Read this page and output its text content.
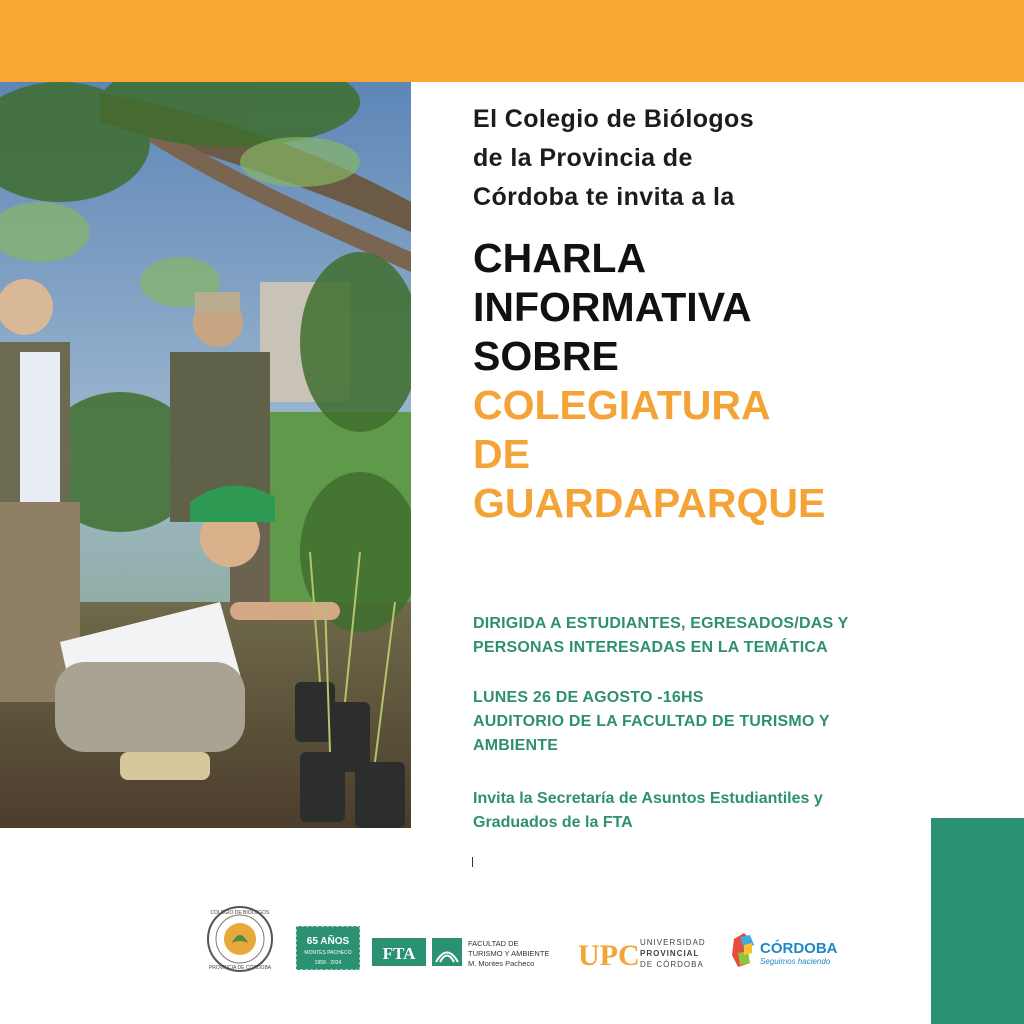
El Colegio de Biólogos
de la Provincia de
Córdoba te invita a la
CHARLA
INFORMATIVA
SOBRE
COLEGIATURA
DE
GUARDAPARQUE
DIRIGIDA A ESTUDIANTES, EGRESADOS/DAS Y
PERSONAS INTERESADAS EN LA TEMÁTICA
LUNES 26 DE AGOSTO -16HS
AUDITORIO DE LA FACULTAD DE TURISMO Y
AMBIENTE
Invita la Secretaría de Asuntos Estudiantiles y
Graduados de la FTA
COLEGIO DE BIÓLOGOS
PROVINCIA DE CÓRDOBA
65 AÑOS
MONTES PACHECO
1959 · 2024 FTA
FACULTAD DE
TURISMO Y AMBIENTE
M. Montes Pacheco UPC UNIVERSIDAD
PROVINCIAL
DE CÓRDOBA
CÓRDOBA
Seguimos haciendo
